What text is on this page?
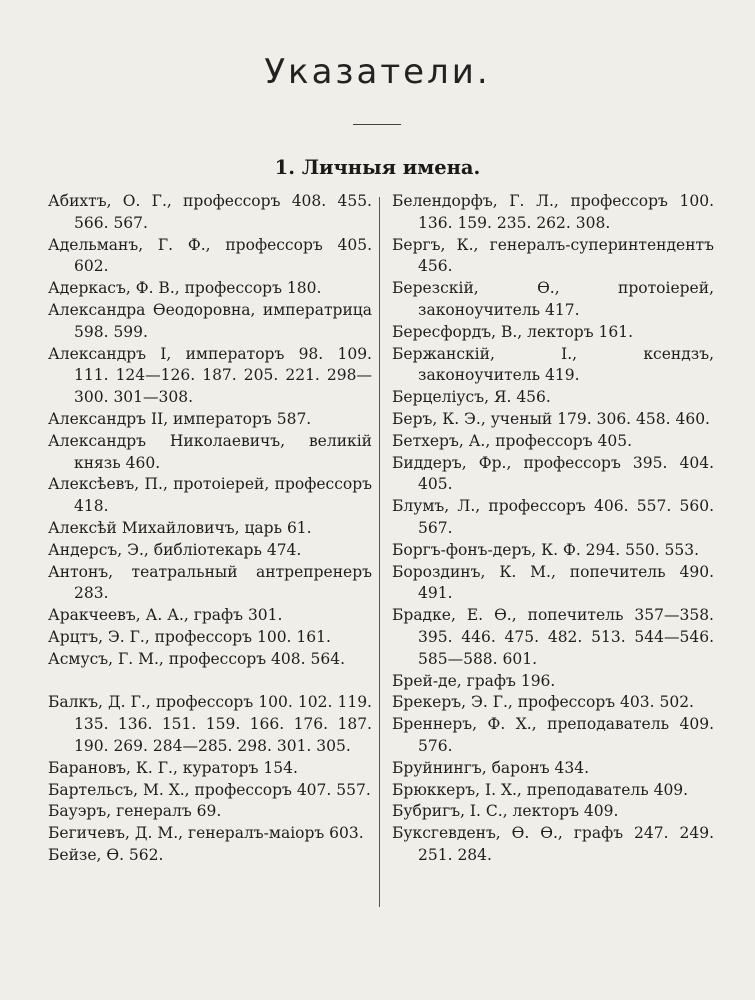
Указатели.
1. Личныя имена.
Абихтъ, О. Г., профессоръ 408. 455. 566. 567.
Адельманъ, Г. Ф., профессоръ 405. 602.
Адеркасъ, Ф. В., профессоръ 180.
Александра Ѳеодоровна, императрица 598. 599.
Александръ I, императоръ 98. 109. 111. 124—126. 187. 205. 221. 298—300. 301—308.
Александръ II, императоръ 587.
Александръ Николаевичъ, великій князь 460.
Алексѣевъ, П., протоіерей, профессоръ 418.
Алексѣй Михайловичъ, царь 61.
Андерсъ, Э., библіотекарь 474.
Антонъ, театральный антрепренеръ 283.
Аракчеевъ, А. А., графъ 301.
Арцтъ, Э. Г., профессоръ 100. 161.
Асмусъ, Г. М., профессоръ 408. 564.
Балкъ, Д. Г., профессоръ 100. 102. 119. 135. 136. 151. 159. 166. 176. 187. 190. 269. 284—285. 298. 301. 305.
Барановъ, К. Г., кураторъ 154.
Бартельсъ, М. Х., профессоръ 407. 557.
Бауэръ, генералъ 69.
Бегичевъ, Д. М., генералъ-маіоръ 603.
Бейзе, Ѳ. 562.
Белендорфъ, Г. Л., профессоръ 100. 136. 159. 235. 262. 308.
Бергъ, К., генералъ-суперинтендентъ 456.
Березскій, Ѳ., протоіерей, законоучитель 417.
Бересфордъ, В., лекторъ 161.
Бержанскій, І., ксендзъ, законоучитель 419.
Берцеліусъ, Я. 456.
Беръ, К. Э., ученый 179. 306. 458. 460.
Бетхеръ, А., профессоръ 405.
Биддеръ, Фр., профессоръ 395. 404. 405.
Блумъ, Л., профессоръ 406. 557. 560. 567.
Боргъ-фонъ-деръ, К. Ф. 294. 550. 553.
Бороздинъ, К. М., попечитель 490. 491.
Брадке, Е. Ѳ., попечитель 357—358. 395. 446. 475. 482. 513. 544—546. 585—588. 601.
Брей-де, графъ 196.
Брекеръ, Э. Г., профессоръ 403. 502.
Бреннеръ, Ф. Х., преподаватель 409. 576.
Бруйнингъ, баронъ 434.
Брюккеръ, І. Х., преподаватель 409.
Бубригъ, І. С., лекторъ 409.
Буксгевденъ, Ѳ. Ѳ., графъ 247. 249. 251. 284.
